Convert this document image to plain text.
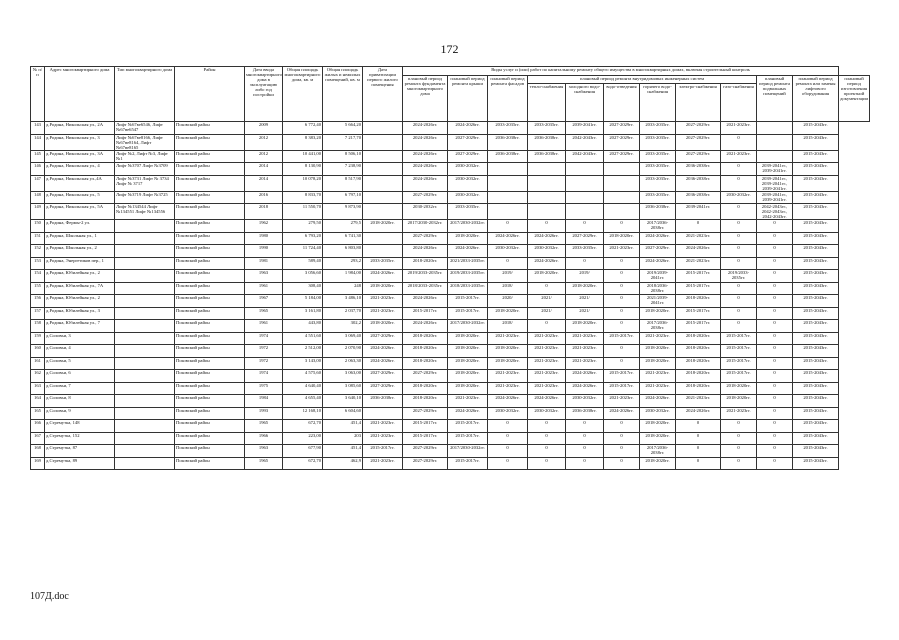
172
№ п/п	Адрес многоквартирного дома	Тип многоквартирного дома	Район	Дата ввода многоквартирного дома в эксплуатацию либо год постройки	Общая площадь многоквартирного дома, кв. м	Общая площадь жилых и нежилых помещений, кв. м	Дата приватизации первого жилого помещения	Виды услуг и (или) работ по капитальному ремонту общего имущества в многоквартирных домах, включая строительный контроль											
								плановый период ремонта фундамента многоквартирного дома	плановый период ремонта крыши	плановый период ремонта фасадов	плановый период ремонта внутридомовых инженерных систем						плановый период ремонта подвальных помещений	плановый период ремонта или замены лифтового оборудования	плановый период изготовления проектной документации
											тепло-снабжения	холодного водо-снабжения	водо-отведения	горячего водо-снабжения	электро-снабжения	газо-снабжения			
143	д.Родина, Никольская ул., 2А	Лифт №67ве6546, Лифт №67ве6547	Псковский район	2009	6 772,40	5 664,20		2024-2026гг.	2024-2026гг.	2033-2035гг.	2033-2035гг.	2039-2041гг.	2027-2029гг.	2033-2035гг.	2027-2029гг.	2021-2023гг.		2015-2043гг.	
144	д.Родина, Никольская ул., 3	Лифт №67ве8166, Лифт №67ве8164, Лифт №67ве8165	Псковский район	2012	8 383,20	7 217,70		2024-2026гг.	2027-2029гг.	2036-2038гг.	2036-2038гг.	2042-2043гг.	2027-2029гг.	2033-2035гг.	2027-2029гг.	0		2015-2043гг.	
145	д.Родина, Никольская ул., 3А	Лифт №2, Лифт №3, Лифт №1	Псковский район	2012	10 441,00	8 506,10		2024-2026гг.	2027-2029гг.	2036-2038гг.	2036-2038гг.	2042-2043гг.	2027-2029гг.	2033-2035гг.	2027-2029гг.	2021-2023гг.		2015-2043гг.	
146	д.Родина, Никольская ул., 4	Лифт №3707 Лифт №3709	Псковский район	2014	8 130,90	7 238,90		2024-2026гг.	2030-2032гг.					2033-2035гг.	2036-2038гг.	0	2039-2041гг., 2039-2041гг.	2015-2043гг.	
147	д.Родина, Никольская ул.,4А	Лифт №3731 Лифт № 3734 Лифт № 3717	Псковский район	2014	10 078,20	8 517,90		2024-2026гг.	2030-2032гг.					2033-2035гг.	2036-2038гг.	0	2039-2041гг., 2039-2041гг., 2039-2041гг.	2015-2043гг.	
148	д.Родина, Никольская ул., 5	Лифт №3719 Лифт №3725	Псковский район	2016	8 833,70	6 797,10		2027-2029гг.	2030-2032гг.					2033-2035гг.	2036-2038гг.	2030-2032гг.	2039-2041гг., 2039-2041гг.	2015-2043гг.	
149	д.Родина, Никольская ул., 5А	Лифт №134544 Лифт №134551 Лифт №134556	Псковский район	2018	11 550,70	9 873,90		2030-2032гг.	2033-2035гг.					2036-2038гг.	2039-2041гг.	0	2042-2043гг., 2042-2043гг., 2042-2043гг.	2015-2043гг.	
150	д.Родина, Фермы-2 ул.		Псковский район	1962	279,50	279,5	2018-2020гг.	2017/2030-2032гг.	2017/2030-2032гг.	0	0	0	0	2017/2036-2038гг.	0	0	0	2015-2043гг.	
151	д.Родина, Школьная ул., 1		Псковский район	1980	6 793,20	6 741,30		2027-2029гг.	2018-2020гг.	2024-2026гг.	2024-2026гг.	2027-2029гг.	2018-2020гг.	2024-2026гг.	2021-2023гг.	0	0	2015-2043гг.	
152	д.Родина, Школьная ул., 2		Псковский район	1990	11 724,40	6 803,80		2024-2026гг.	2024-2026гг.	2030-2032гг.	2030-2032гг.	2033-2035гг.	2021-2023гг.	2027-2029гг.	2024-2026гг.	0	0	2015-2043гг.	
153	д.Родина, Энергетиков пер., 1		Псковский район	1981	589,40	293,2	2033-2035гг.	2018-2020гг.	2021/2033-2035гг.	0	2024-2026гг.	0	0	2024-2026гг.	2021-2023гг.	0	0	2015-2043гг.	
154	д.Родина, Юбилейная ул., 2		Псковский район	1963	3 056,60	1 984,00	2024-2026гг.	2019/2033-2035гг.	2019/2033-2035гг.	2019/	2018-2020гг.	2019/	0	2019/2039-2041гг.	2015-2017гг.	2019/2033-2035гг.	0	2015-2043гг.	
155	д.Родина, Юбилейная ул., 7А		Псковский район	1961	308,40	248	2018-2020гг.	2018/2033-2035гг.	2018/2033-2035гг.	2018/	0	2018-2020гг.	0	2018/2036-2038гг.	2015-2017гг.	0	0	2015-2043гг.	
156	д.Родина, Юбилейная ул., 2		Псковский район	1967	5 184,00	3 486,10	2021-2023гг.	2024-2026гг.	2015-2017гг.	2020/	2021/	2021/	0	2021/2039-2041гг.	2018-2020гг.	0	0	2015-2043гг.	
157	д.Родина, Юбилейная ул., 3		Псковский район	1965	3 161,80	2 037,70	2021-2023гг.	2015-2017гг.	2015-2017гг.	2018-2020гг.	2021/	2021/	0	2018-2020гг.	2015-2017гг.	0	0	2015-2043гг.	
158	д.Родина, Юбилейная ул., 7		Псковский район	1961	443,80	302,2	2018-2020гг.	2024-2026гг.	2017/2030-2032гг.	2018/	0	2018-2020гг.	0	2017/2036-2038гг.	2015-2017гг.	0	0	2015-2043гг.	
159	д.Соловьи, 3		Псковский район	1974	4 551,60	3 069,40	2027-2029гг.	2018-2020гг.	2018-2020гг.	2021-2023гг.	2021-2023гг.	2021-2023гг.	2015-2017гг.	2021-2023гг.	2018-2020гг.	2015-2017гг.	0	2015-2043гг.	
160	д.Соловьи, 4		Псковский район	1972	2 512,00	2 070,90	2024-2026гг.	2018-2020гг.	2018-2020гг.	2018-2020гг.	2021-2023гг.	2021-2023гг.	0	2018-2020гг.	2018-2020гг.	2015-2017гг.	0	2015-2043гг.	
161	д.Соловьи, 5		Псковский район	1972	3 143,00	2 063,30	2024-2026гг.	2018-2020гг.	2018-2020гг.	2018-2020гг.	2021-2023гг.	2021-2023гг.	0	2018-2020гг.	2018-2020гг.	2015-2017гг.	0	2015-2043гг.	
162	д.Соловьи, 6		Псковский район	1974	4 575,60	3 063,00	2027-2029гг.	2027-2029гг.	2018-2020гг.	2021-2023гг.	2021-2023гг.	2024-2026гг.	2015-2017гг.	2021-2023гг.	2018-2020гг.	2015-2017гг.	0	2015-2043гг.	
163	д.Соловьи, 7		Псковский район	1975	4 640,40	3 085,60	2027-2029гг.	2018-2020гг.	2018-2020гг.	2021-2023гг.	2021-2023гг.	2024-2026гг.	2015-2017гг.	2021-2023гг.	2018-2020гг.	2018-2020гг.	0	2015-2043гг.	
164	д.Соловьи, 8		Псковский район	1984	4 655,40	3 640,10	2036-2038гг.	2018-2020гг.	2021-2023гг.	2024-2026гг.	2024-2026гг.	2030-2032гг.	2021-2023гг.	2024-2026гг.	2021-2023гг.	2018-2020гг.	0	2015-2043гг.	
165	д.Соловьи, 9		Псковский район	1993	12 168,10	6 604,60		2027-2029гг.	2024-2026гг.	2030-2032гг.	2030-2032гг.	2036-2038гг.	2024-2026гг.	2030-2032гг.	2024-2026гг.	2021-2023гг.	0	2015-2043гг.	
166	д.Стремутка, 148		Псковский район	1965	672,70	451,4	2021-2023гг.	2015-2017гг.	2015-2017гг.	0	0	0	0	2018-2020гг.	0	0	0	2015-2043гг.	
167	д.Стремутка, 152		Псковский район	1966	223,00	203	2021-2023гг.	2015-2017гг.	2015-2017гг.	0	0	0	0	2018-2020гг.	0	0	0	2015-2043гг.	
168	д.Стремутка, 87		Псковский район	1963	677,90	451,4	2015-2017гг.	2027-2029гг.	2017/2030-2032гг.	0	0	0	0	2017/2036-2038гг.	0	0	0	2015-2043гг.	
169	д.Стремутка, 89		Псковский район	1965	672,70	462,9	2021-2023гг.	2027-2029гг.	2015-2017гг.	0	0	0	0	2018-2020гг.	0	0	0	2015-2043гг.	
107Д.doc
